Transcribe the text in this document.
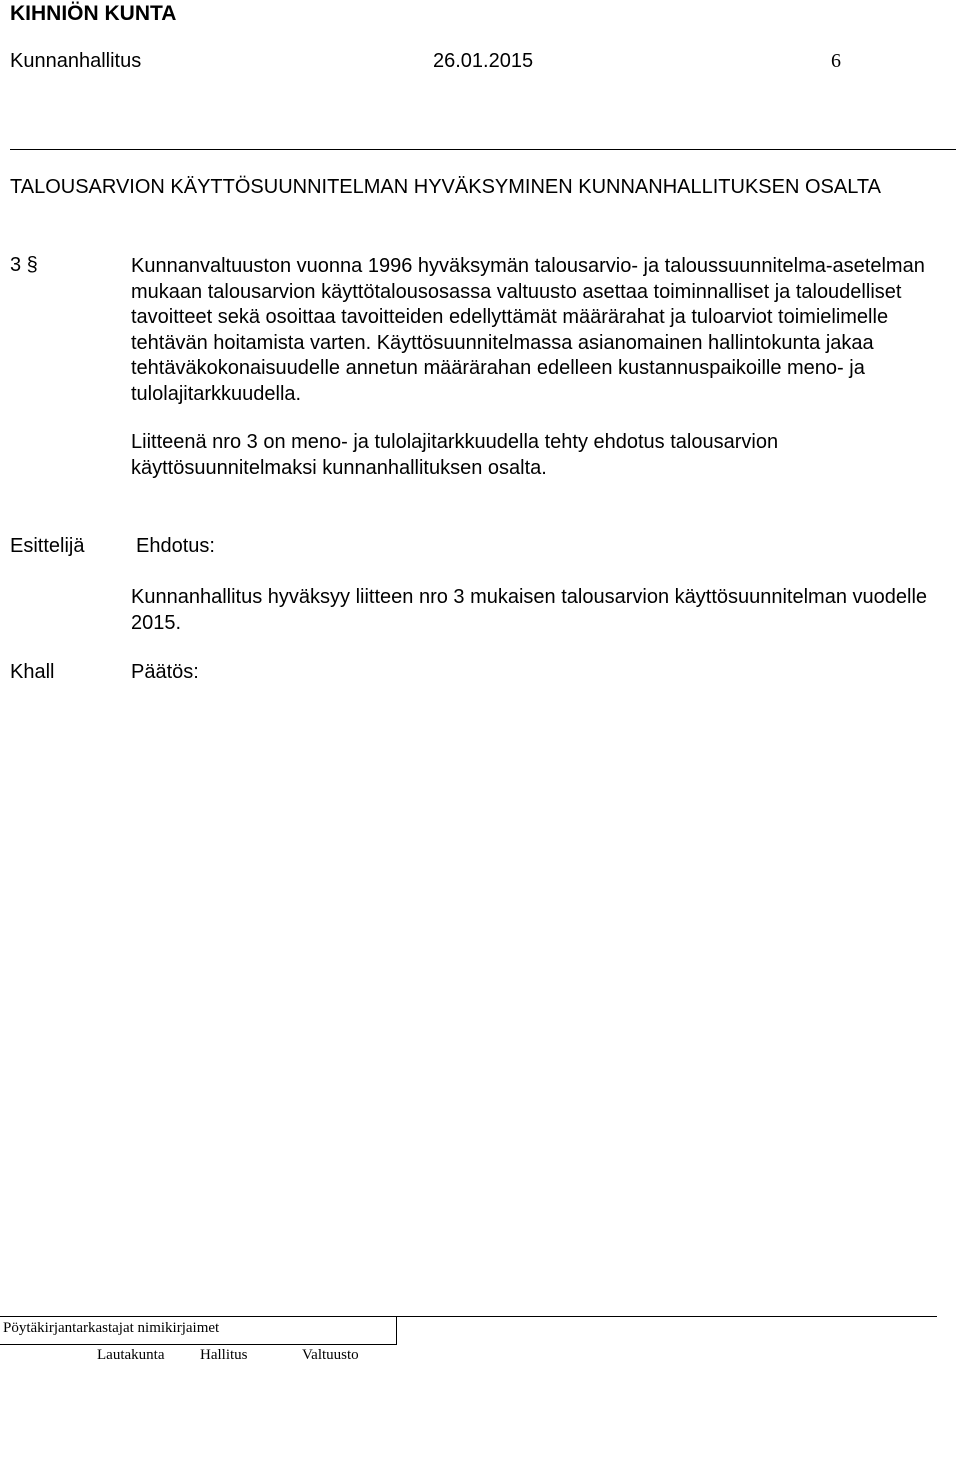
KIHNIÖN KUNTA
Kunnanhallitus	26.01.2015	6
TALOUSARVION KÄYTTÖSUUNNITELMAN HYVÄKSYMINEN KUNNANHALLITUKSEN OSALTA
3 §	Kunnanvaltuuston vuonna 1996 hyväksymän talousarvio- ja taloussuunnitelma-asetelman mukaan talousarvion käyttötalousosassa valtuusto asettaa toiminnalliset ja taloudelliset tavoitteet sekä osoittaa tavoitteiden edellyttämät määrärahat ja tuloarviot toimielimelle tehtävän hoitamista varten. Käyttösuunnitelmassa asianomainen hallintokunta jakaa tehtäväkokonaisuudelle annetun määrärahan edelleen kustannuspaikoille meno- ja tulolajitarkkuudella.
Liitteenä nro 3 on meno- ja tulolajitarkkuudella tehty ehdotus talousarvion käyttösuunnitelmaksi kunnanhallituksen osalta.
Esittelijä	Ehdotus:
Kunnanhallitus hyväksyy liitteen nro 3 mukaisen talousarvion käyttösuunnitelman vuodelle 2015.
Khall	Päätös:
Pöytäkirjantarkastajat nimikirjaimet
Lautakunta Hallitus	Valtuusto
